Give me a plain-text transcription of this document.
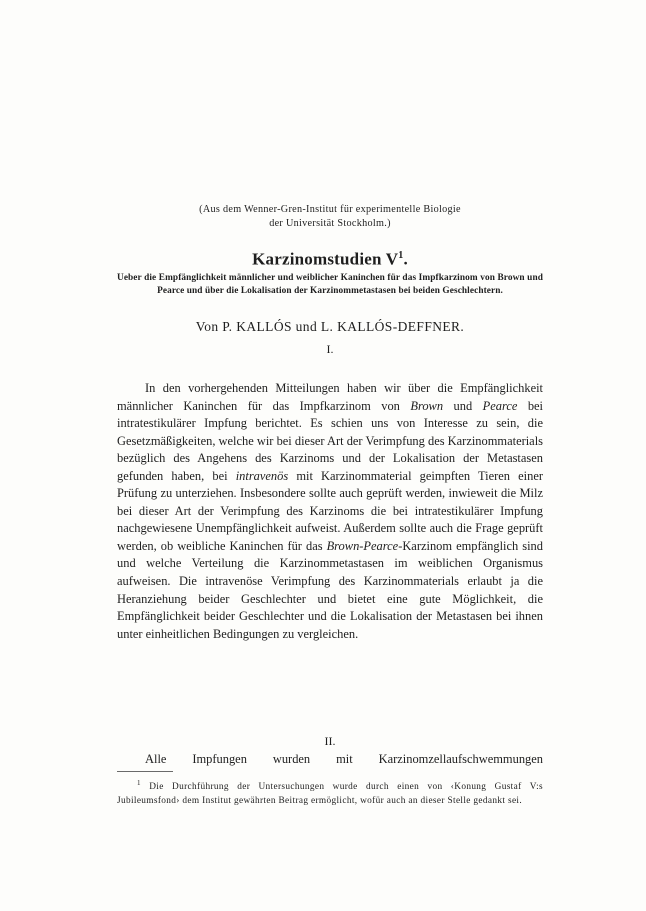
(Aus dem Wenner-Gren-Institut für experimentelle Biologie
der Universität Stockholm.)
Karzinomstudien $V^1$.
Ueber die Empfänglichkeit männlicher und weiblicher Kaninchen für das Impfkarzinom von Brown und Pearce und über die Lokalisation der Karzinommetastasen bei beiden Geschlechtern.
Von P. KALLÓS und L. KALLÓS-DEFFNER.
I.

In den vorhergehenden Mitteilungen haben wir über die Empfänglichkeit männlicher Kaninchen für das Impfkarzinom von Brown und Pearce bei intratestikulärer Impfung berichtet. Es schien uns von Interesse zu sein, die Gesetzmäßigkeiten, welche wir bei dieser Art der Verimpfung des Karzinommaterials bezüglich des Angehens des Karzinoms und der Lokalisation der Metastasen gefunden haben, bei intravenös mit Karzinommaterial geimpften Tieren einer Prüfung zu unterziehen. Insbesondere sollte auch geprüft werden, inwieweit die Milz bei dieser Art der Verimpfung des Karzinoms die bei intratestikulärer Impfung nachgewiesene Unempfänglichkeit aufweist. Außerdem sollte auch die Frage geprüft werden, ob weibliche Kaninchen für das Brown-Pearce-Karzinom empfänglich sind und welche Verteilung die Karzinommetastasen im weiblichen Organismus aufweisen. Die intravenöse Verimpfung des Karzinommaterials erlaubt ja die Heranziehung beider Geschlechter und bietet eine gute Möglichkeit, die Empfänglichkeit beider Geschlechter und die Lokalisation der Metastasen bei ihnen unter einheitlichen Bedingungen zu vergleichen.

II.
Alle Impfungen wurden mit Karzinomzellaufschwemmungen
$^1$ Die Durchführung der Untersuchungen wurde durch einen von ‹Konung Gustaf V:s Jubileumsfond› dem Institut gewährten Beitrag ermöglicht, wofür auch an dieser Stelle gedankt sei.
